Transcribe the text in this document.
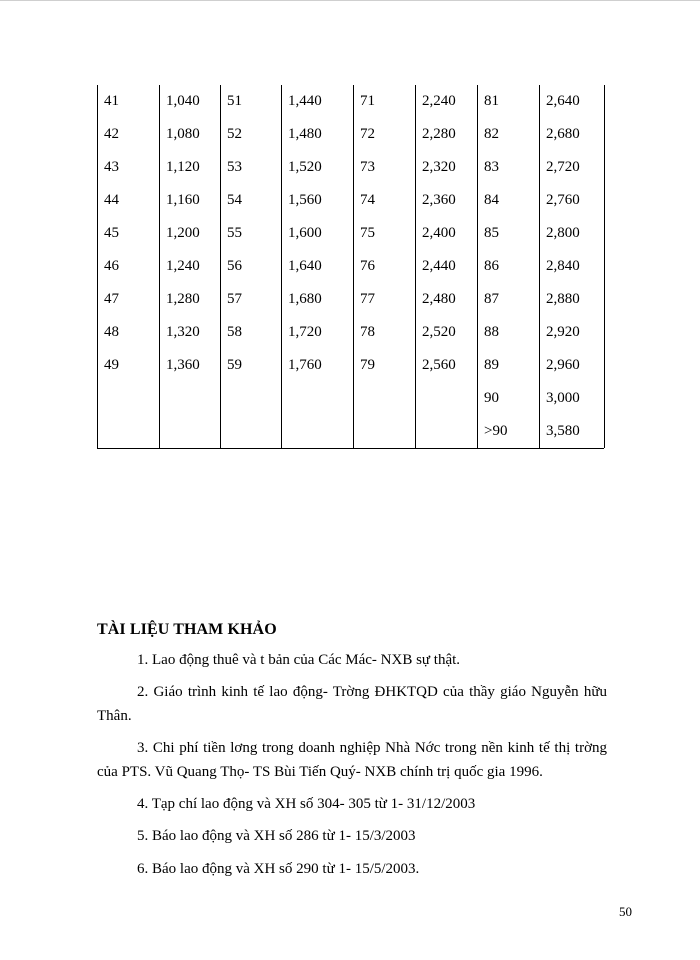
41
42
43
44
45
46
47
48
49
1,040
1,080
1,120
1,160
1,200
1,240
1,280
1,320
1,360
51
52
53
54
55
56
57
58
59
1,440
1,480
1,520
1,560
1,600
1,640
1,680
1,720
1,760
71
72
73
74
75
76
77
78
79
2,240
2,280
2,320
2,360
2,400
2,440
2,480
2,520
2,560
81
82
83
84
85
86
87
88
89
90
>90
2,640
2,680
2,720
2,760
2,800
2,840
2,880
2,920
2,960
3,000
3,580
TÀI LIỆU THAM KHẢO
1. Lao động thuê và t bản của Các Mác- NXB sự thật.
2. Giáo trình kinh tế lao động- Trờng ĐHKTQD của thầy giáo Nguyễn hữu Thân.
3. Chi phí tiền lơng trong doanh nghiệp Nhà Nớc trong nền kinh tế thị trờng của PTS. Vũ Quang Thọ- TS Bùi Tiến Quý- NXB chính trị quốc gia 1996.
4. Tạp chí lao động và XH số 304- 305 từ 1- 31/12/2003
5. Báo lao động và XH số 286 từ 1- 15/3/2003
6. Báo lao động và XH số 290 từ 1- 15/5/2003.
50
